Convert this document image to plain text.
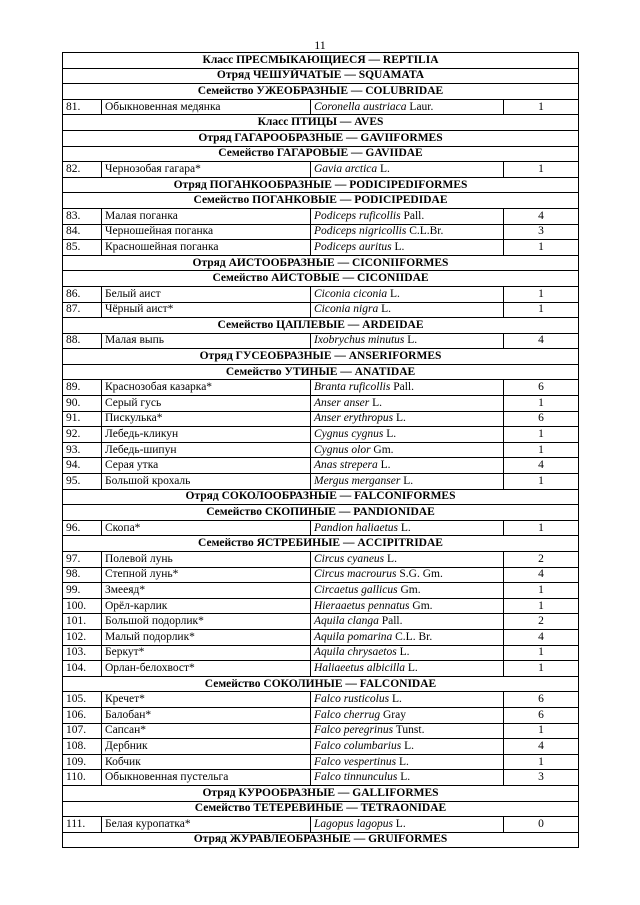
11
Класс ПРЕСМЫКАЮЩИЕСЯ — REPTILIA			
Отряд ЧЕШУЙЧАТЫЕ — SQUAMATA			
Семейство УЖЕОБРАЗНЫЕ — COLUBRIDAE			
81.	Обыкновенная медянка	Coronella austriaca Laur.	1
Класс ПТИЦЫ — AVES			
Отряд ГАГАРООБРАЗНЫЕ — GAVIIFORMES			
Семейство ГАГАРОВЫЕ — GAVIIDAE			
82.	Чернозобая гагара*	Gavia arctica L.	1
Отряд ПОГАНКООБРАЗНЫЕ — PODICIPEDIFORMES			
Семейство ПОГАНКОВЫЕ — PODICIPEDIDAE			
83.	Малая поганка	Podiceps ruficollis Pall.	4
84.	Черношейная поганка	Podiceps nigricollis C.L.Br.	3
85.	Красношейная поганка	Podiceps auritus L.	1
Отряд АИСТООБРАЗНЫЕ — CICONIIFORMES			
Семейство АИСТОВЫЕ — CICONIIDAE			
86.	Белый аист	Ciconia ciconia L.	1
87.	Чёрный аист*	Ciconia nigra L.	1
Семейство ЦАПЛЕВЫЕ — ARDEIDAE			
88.	Малая выпь	Ixobrychus minutus L.	4
Отряд ГУСЕОБРАЗНЫЕ — ANSERIFORMES			
Семейство УТИНЫЕ — ANATIDAE			
89.	Краснозобая казарка*	Branta ruficollis Pall.	6
90.	Серый гусь	Anser anser L.	1
91.	Пискулька*	Anser erythropus L.	6
92.	Лебедь-кликун	Cygnus cygnus L.	1
93.	Лебедь-шипун	Cygnus olor Gm.	1
94.	Серая утка	Anas strepera L.	4
95.	Большой крохаль	Mergus merganser L.	1
Отряд СОКОЛООБРАЗНЫЕ — FALCONIFORMES			
Семейство СКОПИНЫЕ — PANDIONIDAE			
96.	Скопа*	Pandion haliaetus L.	1
Семейство ЯСТРЕБИНЫЕ — ACCIPITRIDAE			
97.	Полевой лунь	Circus cyaneus L.	2
98.	Степной лунь*	Circus macrourus S.G. Gm.	4
99.	Змееяд*	Circaetus gallicus Gm.	1
100.	Орёл-карлик	Hieraaetus pennatus Gm.	1
101.	Большой подорлик*	Aquila clanga Pall.	2
102.	Малый подорлик*	Aquila pomarina C.L. Br.	4
103.	Беркут*	Aquila chrysaetos L.	1
104.	Орлан-белохвост*	Haliaeetus albicilla L.	1
Семейство СОКОЛИНЫЕ — FALCONIDAE			
105.	Кречет*	Falco rusticolus L.	6
106.	Балобан*	Falco cherrug Gray	6
107.	Сапсан*	Falco peregrinus Tunst.	1
108.	Дербник	Falco columbarius L.	4
109.	Кобчик	Falco vespertinus L.	1
110.	Обыкновенная пустельга	Falco tinnunculus L.	3
Отряд КУРООБРАЗНЫЕ — GALLIFORMES			
Семейство ТЕТЕРЕВИНЫЕ — TETRAONIDAE			
111.	Белая куропатка*	Lagopus lagopus L.	0
Отряд ЖУРАВЛЕОБРАЗНЫЕ — GRUIFORMES			
